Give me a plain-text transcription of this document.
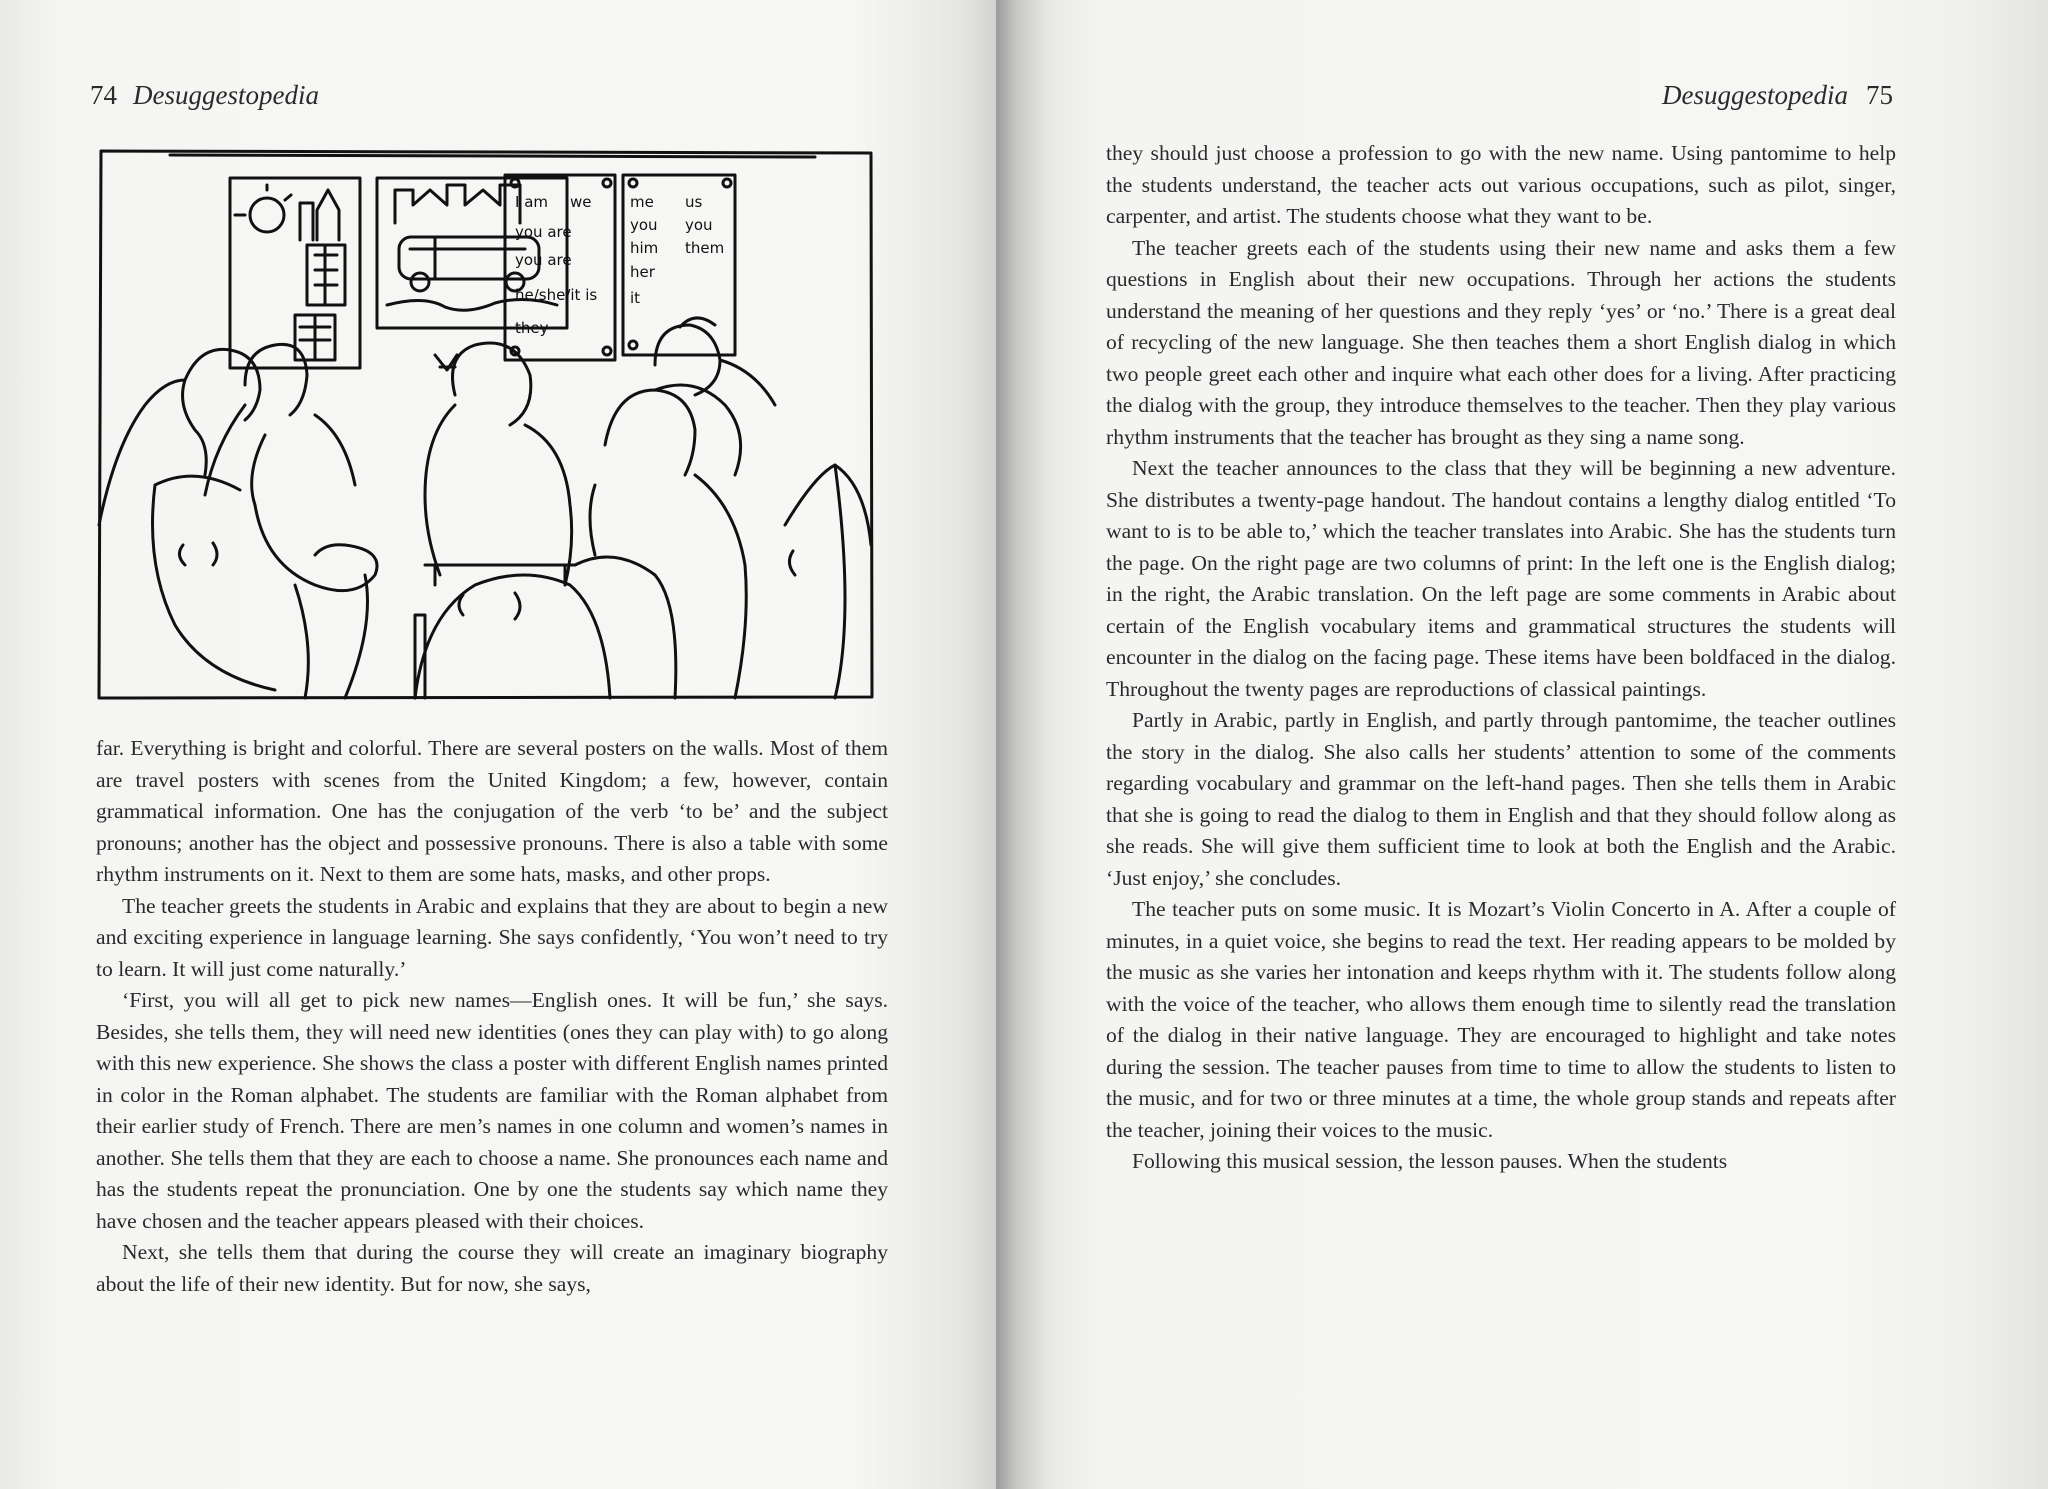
74 Desuggestopedia
I am we
you are
you are
he/she/it is
they
me
you
him
her
it
us
you
them

far. Everything is bright and colorful. There are several posters on the walls. Most of them are travel posters with scenes from the United Kingdom; a few, however, contain grammatical information. One has the conjugation of the verb ‘to be’ and the subject pronouns; another has the object and possessive pronouns. There is also a table with some rhythm instruments on it. Next to them are some hats, masks, and other props.

The teacher greets the students in Arabic and explains that they are about to begin a new and exciting experience in language learning. She says confidently, ‘You won’t need to try to learn. It will just come naturally.’

‘First, you will all get to pick new names—English ones. It will be fun,’ she says. Besides, she tells them, they will need new identities (ones they can play with) to go along with this new experience. She shows the class a poster with different English names printed in color in the Roman alphabet. The students are familiar with the Roman alphabet from their earlier study of French. There are men’s names in one column and women’s names in another. She tells them that they are each to choose a name. She pronounces each name and has the students repeat the pronunciation. One by one the students say which name they have chosen and the teacher appears pleased with their choices.

Next, she tells them that during the course they will create an imaginary biography about the life of their new identity. But for now, she says,

Desuggestopedia 75

they should just choose a profession to go with the new name. Using pantomime to help the students understand, the teacher acts out various occupations, such as pilot, singer, carpenter, and artist. The students choose what they want to be.

The teacher greets each of the students using their new name and asks them a few questions in English about their new occupations. Through her actions the students understand the meaning of her questions and they reply ‘yes’ or ‘no.’ There is a great deal of recycling of the new language. She then teaches them a short English dialog in which two people greet each other and inquire what each other does for a living. After practicing the dialog with the group, they introduce themselves to the teacher. Then they play various rhythm instruments that the teacher has brought as they sing a name song.

Next the teacher announces to the class that they will be beginning a new adventure. She distributes a twenty-page handout. The handout contains a lengthy dialog entitled ‘To want to is to be able to,’ which the teacher translates into Arabic. She has the students turn the page. On the right page are two columns of print: In the left one is the English dialog; in the right, the Arabic translation. On the left page are some comments in Arabic about certain of the English vocabulary items and grammatical structures the students will encounter in the dialog on the facing page. These items have been boldfaced in the dialog. Throughout the twenty pages are reproductions of classical paintings.

Partly in Arabic, partly in English, and partly through pantomime, the teacher outlines the story in the dialog. She also calls her students’ attention to some of the comments regarding vocabulary and grammar on the left-hand pages. Then she tells them in Arabic that she is going to read the dialog to them in English and that they should follow along as she reads. She will give them sufficient time to look at both the English and the Arabic. ‘Just enjoy,’ she concludes.

The teacher puts on some music. It is Mozart’s Violin Concerto in A. After a couple of minutes, in a quiet voice, she begins to read the text. Her reading appears to be molded by the music as she varies her intonation and keeps rhythm with it. The students follow along with the voice of the teacher, who allows them enough time to silently read the translation of the dialog in their native language. They are encouraged to highlight and take notes during the session. The teacher pauses from time to time to allow the students to listen to the music, and for two or three minutes at a time, the whole group stands and repeats after the teacher, joining their voices to the music.

Following this musical session, the lesson pauses. When the students
